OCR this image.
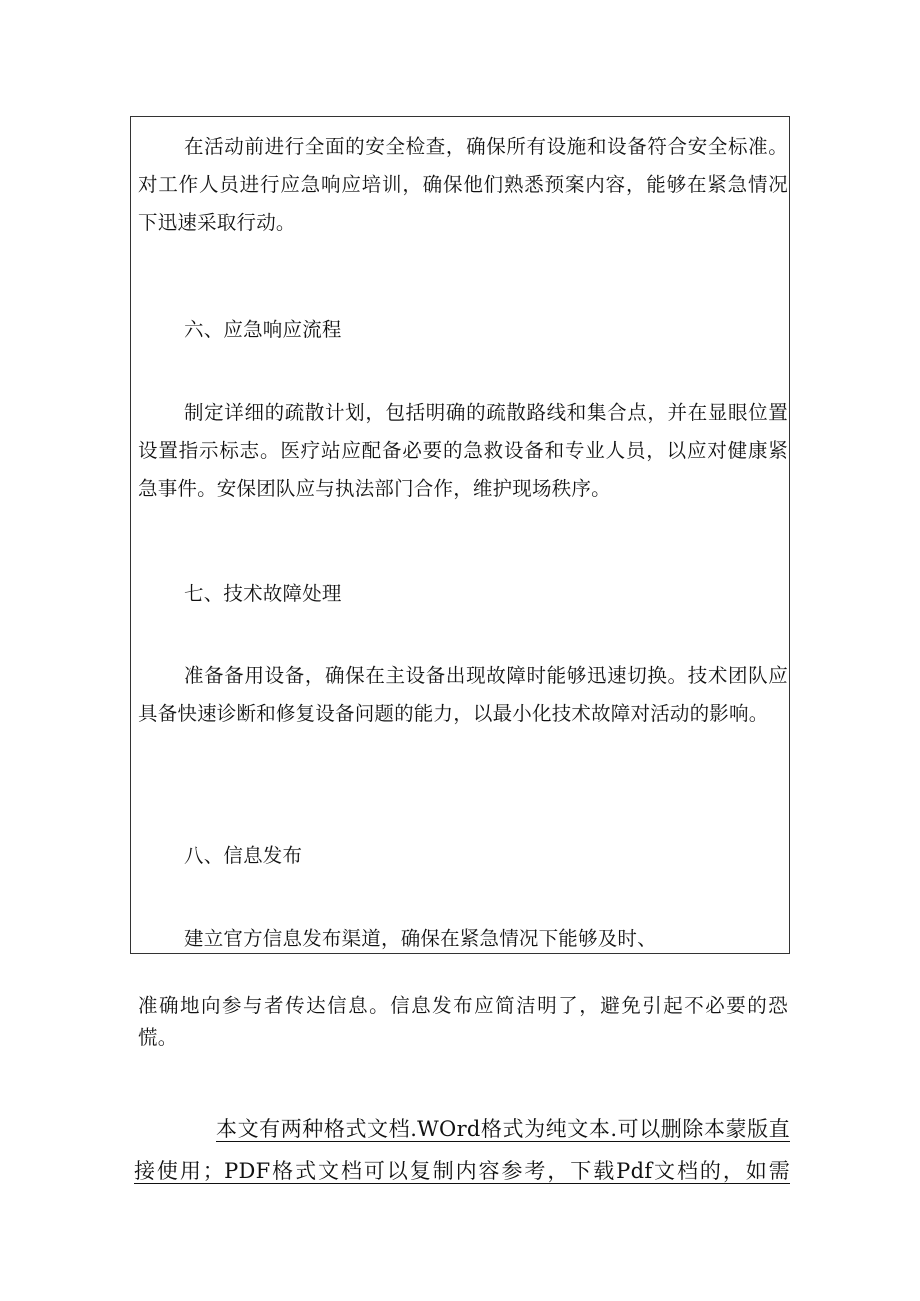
在活动前进行全面的安全检查，确保所有设施和设备符合安全标准。对工作人员进行应急响应培训，确保他们熟悉预案内容，能够在紧急情况下迅速采取行动。

六、应急响应流程

制定详细的疏散计划，包括明确的疏散路线和集合点，并在显眼位置设置指示标志。医疗站应配备必要的急救设备和专业人员，以应对健康紧急事件。安保团队应与执法部门合作，维护现场秩序。

七、技术故障处理

准备备用设备，确保在主设备出现故障时能够迅速切换。技术团队应具备快速诊断和修复设备问题的能力，以最小化技术故障对活动的影响。

八、信息发布

建立官方信息发布渠道，确保在紧急情况下能够及时、

准确地向参与者传达信息。信息发布应简洁明了，避免引起不必要的恐慌。

本文有两种格式文档.WOrd格式为纯文本.可以删除本蒙版直接使用；PDF格式文档可以复制内容参考，下载Pdf文档的，如需
